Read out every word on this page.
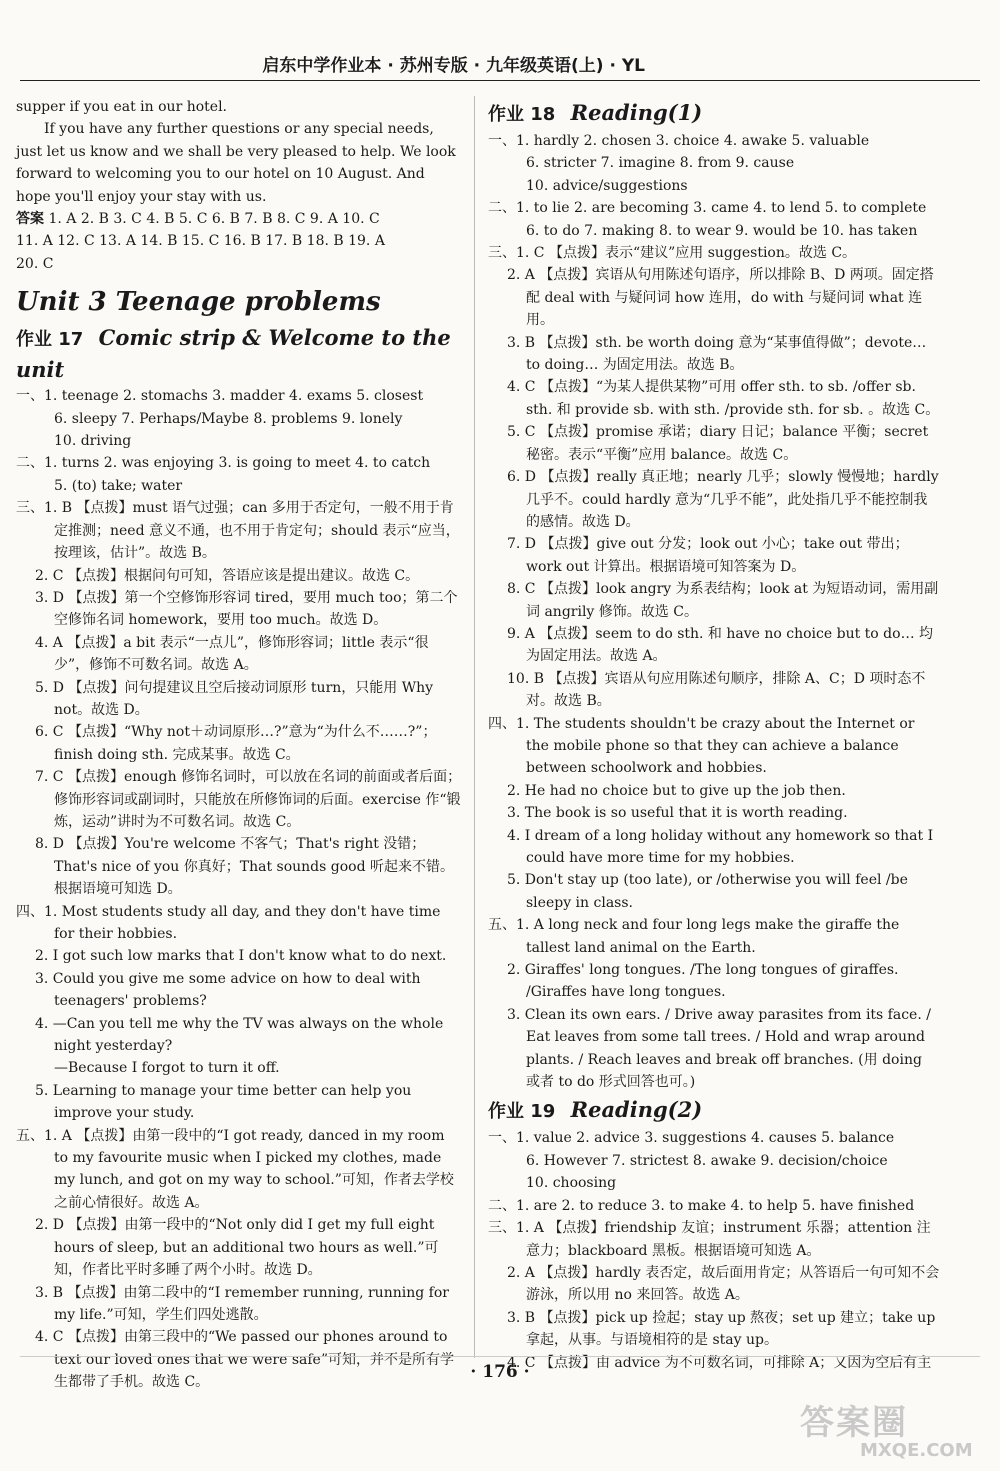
启东中学作业本 · 苏州专版 · 九年级英语(上) · YL

supper if you eat in our hotel.

If you have any further questions or any special needs, just let us know and we shall be very pleased to help. We look forward to welcoming you to our hotel on 10 August. And hope you'll enjoy your stay with us.

答案 1. A 2. B 3. C 4. B 5. C 6. B 7. B 8. C 9. A 10. C

11. A 12. C 13. A 14. B 15. C 16. B 17. B 18. B 19. A

20. C

Unit 3 Teenage problems
作业 17 Comic strip & Welcome to the unit

一、1. teenage 2. stomachs 3. madder 4. exams 5. closest

6. sleepy 7. Perhaps/Maybe 8. problems 9. lonely

10. driving

二、1. turns 2. was enjoying 3. is going to meet 4. to catch

5. (to) take; water

三、1. B 【点拨】must 语气过强；can 多用于否定句，一般不用于肯定推测；need 意义不通，也不用于肯定句；should 表示“应当，按理该，估计”。故选 B。

2. C 【点拨】根据问句可知，答语应该是提出建议。故选 C。

3. D 【点拨】第一个空修饰形容词 tired，要用 much too；第二个空修饰名词 homework，要用 too much。故选 D。

4. A 【点拨】a bit 表示“一点儿”，修饰形容词；little 表示“很少”，修饰不可数名词。故选 A。

5. D 【点拨】问句提建议且空后接动词原形 turn，只能用 Why not。故选 D。

6. C 【点拨】“Why not＋动词原形…?”意为“为什么不……?”；finish doing sth. 完成某事。故选 C。

7. C 【点拨】enough 修饰名词时，可以放在名词的前面或者后面；修饰形容词或副词时，只能放在所修饰词的后面。exercise 作“锻炼，运动”讲时为不可数名词。故选 C。

8. D 【点拨】You're welcome 不客气；That's right 没错；That's nice of you 你真好；That sounds good 听起来不错。根据语境可知选 D。

四、1. Most students study all day, and they don't have time for their hobbies.

2. I got such low marks that I don't know what to do next.

3. Could you give me some advice on how to deal with teenagers' problems?

4. —Can you tell me why the TV was always on the whole night yesterday?

—Because I forgot to turn it off.

5. Learning to manage your time better can help you improve your study.

五、1. A 【点拨】由第一段中的“I got ready, danced in my room to my favourite music when I picked my clothes, made my lunch, and got on my way to school.”可知，作者去学校之前心情很好。故选 A。

2. D 【点拨】由第一段中的“Not only did I get my full eight hours of sleep, but an additional two hours as well.”可知，作者比平时多睡了两个小时。故选 D。

3. B 【点拨】由第二段中的“I remember running, running for my life.”可知，学生们四处逃散。

4. C 【点拨】由第三段中的“We passed our phones around to text our loved ones that we were safe”可知，并不是所有学生都带了手机。故选 C。

作业 18 Reading(1)

一、1. hardly 2. chosen 3. choice 4. awake 5. valuable

6. stricter 7. imagine 8. from 9. cause

10. advice/suggestions

二、1. to lie 2. are becoming 3. came 4. to lend 5. to complete

6. to do 7. making 8. to wear 9. would be 10. has taken

三、1. C 【点拨】表示“建议”应用 suggestion。故选 C。

2. A 【点拨】宾语从句用陈述句语序，所以排除 B、D 两项。固定搭配 deal with 与疑问词 how 连用，do with 与疑问词 what 连用。

3. B 【点拨】sth. be worth doing 意为“某事值得做”；devote… to doing… 为固定用法。故选 B。

4. C 【点拨】“为某人提供某物”可用 offer sth. to sb. /offer sb. sth. 和 provide sb. with sth. /provide sth. for sb. 。故选 C。

5. C 【点拨】promise 承诺；diary 日记；balance 平衡；secret 秘密。表示“平衡”应用 balance。故选 C。

6. D 【点拨】really 真正地；nearly 几乎；slowly 慢慢地；hardly 几乎不。could hardly 意为“几乎不能”，此处指几乎不能控制我的感情。故选 D。

7. D 【点拨】give out 分发；look out 小心；take out 带出；work out 计算出。根据语境可知答案为 D。

8. C 【点拨】look angry 为系表结构；look at 为短语动词，需用副词 angrily 修饰。故选 C。

9. A 【点拨】seem to do sth. 和 have no choice but to do… 均为固定用法。故选 A。

10. B 【点拨】宾语从句应用陈述句顺序，排除 A、C；D 项时态不对。故选 B。

四、1. The students shouldn't be crazy about the Internet or the mobile phone so that they can achieve a balance between schoolwork and hobbies.

2. He had no choice but to give up the job then.

3. The book is so useful that it is worth reading.

4. I dream of a long holiday without any homework so that I could have more time for my hobbies.

5. Don't stay up (too late), or /otherwise you will feel /be sleepy in class.

五、1. A long neck and four long legs make the giraffe the tallest land animal on the Earth.

2. Giraffes' long tongues. /The long tongues of giraffes. /Giraffes have long tongues.

3. Clean its own ears. / Drive away parasites from its face. / Eat leaves from some tall trees. / Hold and wrap around plants. / Reach leaves and break off branches. (用 doing 或者 to do 形式回答也可。)

作业 19 Reading(2)

一、1. value 2. advice 3. suggestions 4. causes 5. balance

6. However 7. strictest 8. awake 9. decision/choice

10. choosing

二、1. are 2. to reduce 3. to make 4. to help 5. have finished

三、1. A 【点拨】friendship 友谊；instrument 乐器；attention 注意力；blackboard 黑板。根据语境可知选 A。

2. A 【点拨】hardly 表否定，故后面用肯定；从答语后一句可知不会游泳，所以用 no 来回答。故选 A。

3. B 【点拨】pick up 捡起；stay up 熬夜；set up 建立；take up 拿起，从事。与语境相符的是 stay up。

4. C 【点拨】由 advice 为不可数名词，可排除 A；又因为空后有主

· 176 ·
答案圈
MXQE.COM
